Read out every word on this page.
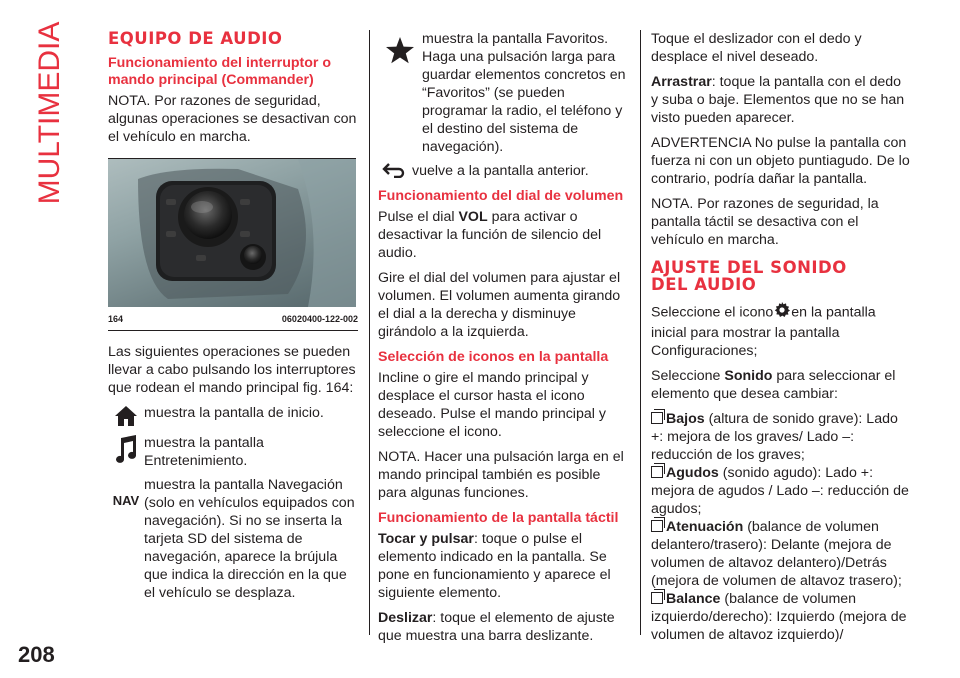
MULTIMEDIA
208
EQUIPO DE AUDIO
Funcionamiento del interruptor o mando principal (Commander)

NOTA. Por razones de seguridad, algunas operaciones se desactivan con el vehículo en marcha.

164	06020400-122-002

Las siguientes operaciones se pueden llevar a cabo pulsando los interruptores que rodean el mando principal fig. 164:

muestra la pantalla de inicio.
muestra la pantalla Entretenimiento.
NAV
muestra la pantalla Navegación (solo en vehículos equipados con navegación). Si no se inserta la tarjeta SD del sistema de navegación, aparece la brújula que indica la dirección en la que el vehículo se desplaza.
muestra la pantalla Favoritos. Haga una pulsación larga para guardar elementos concretos en “Favoritos” (se pueden programar la radio, el teléfono y el destino del sistema de navegación).
vuelve a la pantalla anterior.
Funcionamiento del dial de volumen

Pulse el dial VOL para activar o desactivar la función de silencio del audio.

Gire el dial del volumen para ajustar el volumen. El volumen aumenta girando el dial a la derecha y disminuye girándolo a la izquierda.

Selección de iconos en la pantalla

Incline o gire el mando principal y desplace el cursor hasta el icono deseado. Pulse el mando principal y seleccione el icono.

NOTA. Hacer una pulsación larga en el mando principal también es posible para algunas funciones.

Funcionamiento de la pantalla táctil

Tocar y pulsar: toque o pulse el elemento indicado en la pantalla. Se pone en funcionamiento y aparece el siguiente elemento.

Deslizar: toque el elemento de ajuste que muestra una barra deslizante.

Toque el deslizador con el dedo y desplace el nivel deseado.

Arrastrar: toque la pantalla con el dedo y suba o baje. Elementos que no se han visto pueden aparecer.

ADVERTENCIA No pulse la pantalla con fuerza ni con un objeto puntiagudo. De lo contrario, podría dañar la pantalla.

NOTA. Por razones de seguridad, la pantalla táctil se desactiva con el vehículo en marcha.

AJUSTE DEL SONIDO
DEL AUDIO

Seleccione el icono en la pantalla inicial para mostrar la pantalla Configuraciones;

Seleccione Sonido para seleccionar el elemento que desea cambiar:

Bajos (altura de sonido grave): Lado +: mejora de los graves/ Lado –: reducción de los graves;

Agudos (sonido agudo): Lado +: mejora de agudos / Lado –: reducción de agudos;

Atenuación (balance de volumen delantero/trasero): Delante (mejora de volumen de altavoz delantero)/Detrás (mejora de volumen de altavoz trasero);

Balance (balance de volumen izquierdo/derecho): Izquierdo (mejora de volumen de altavoz izquierdo)/
